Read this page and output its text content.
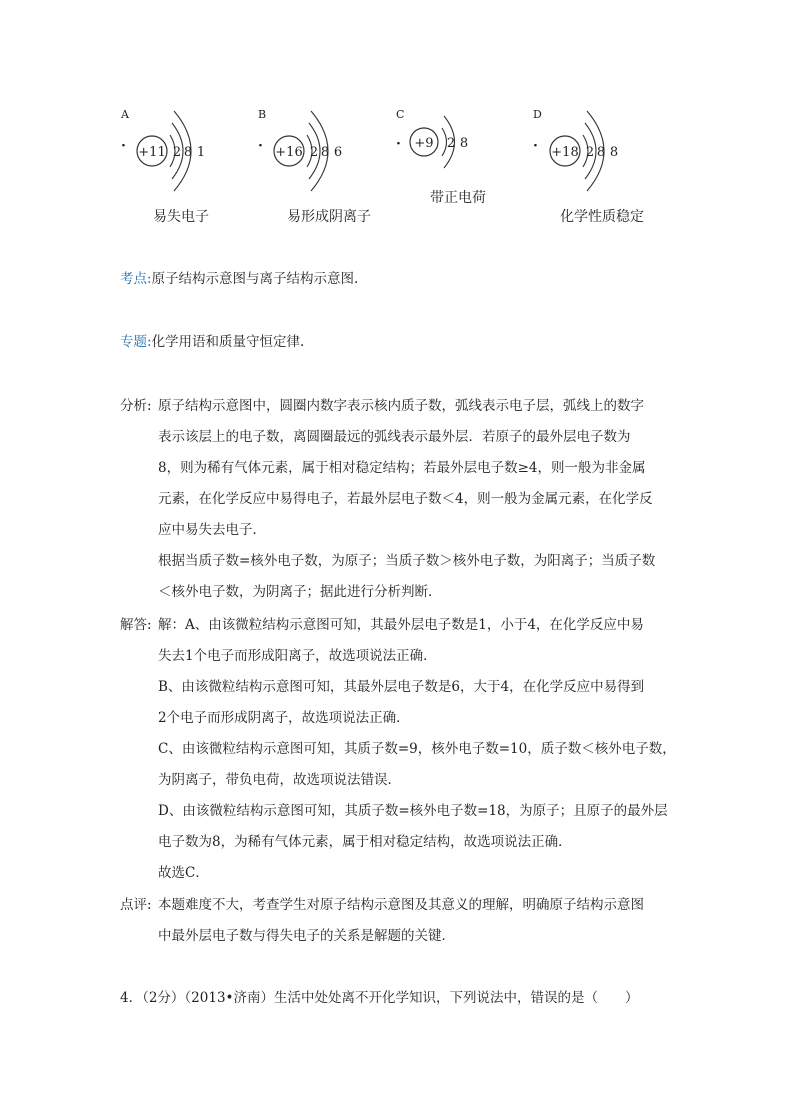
A
· +11 2 8 1
易失电子
B
· +16 2 8 6
易形成阴离子
C
· +9 2 8
带正电荷
D
· +18 2 8 8
化学性质稳定
考点:原子结构示意图与离子结构示意图.
专题:化学用语和质量守恒定律.
分析: 原子结构示意图中，圆圈内数字表示核内质子数，弧线表示电子层，弧线上的数字
表示该层上的电子数，离圆圈最远的弧线表示最外层．若原子的最外层电子数为
8，则为稀有气体元素，属于相对稳定结构；若最外层电子数≥4，则一般为非金属
元素，在化学反应中易得电子，若最外层电子数＜4，则一般为金属元素，在化学反
应中易失去电子．
根据当质子数=核外电子数，为原子；当质子数＞核外电子数，为阳离子；当质子数
＜核外电子数，为阴离子；据此进行分析判断．
解答: 解：A、由该微粒结构示意图可知，其最外层电子数是1，小于4，在化学反应中易
失去1个电子而形成阳离子，故选项说法正确．
B、由该微粒结构示意图可知，其最外层电子数是6，大于4，在化学反应中易得到
2个电子而形成阴离子，故选项说法正确．
C、由该微粒结构示意图可知，其质子数=9，核外电子数=10，质子数＜核外电子数，
为阴离子，带负电荷，故选项说法错误．
D、由该微粒结构示意图可知，其质子数=核外电子数=18，为原子；且原子的最外层
电子数为8，为稀有气体元素，属于相对稳定结构，故选项说法正确．
故选C．
点评: 本题难度不大，考查学生对原子结构示意图及其意义的理解，明确原子结构示意图
中最外层电子数与得失电子的关系是解题的关键．
4．（2分）（2013•济南）生活中处处离不开化学知识，下列说法中，错误的是（　　）
